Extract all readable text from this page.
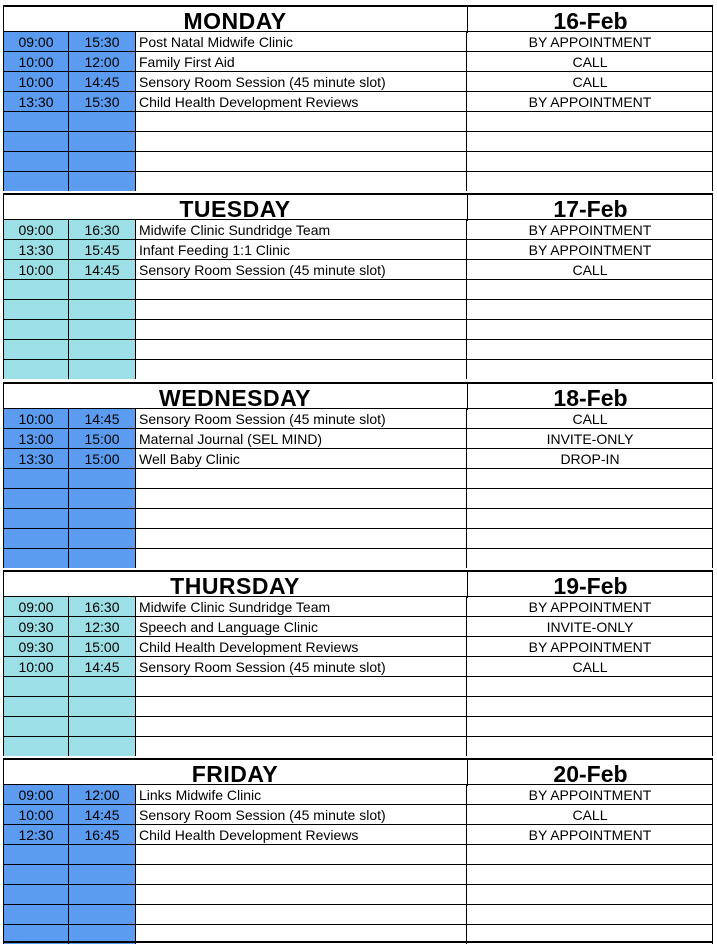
MONDAY	16-Feb
09:00	15:30	Post Natal Midwife Clinic	BY APPOINTMENT
10:00	12:00	Family First Aid	CALL
10:00	14:45	Sensory Room Session (45 minute slot)	CALL
13:30	15:30	Child Health Development Reviews	BY APPOINTMENT
TUESDAY	17-Feb
09:00	16:30	Midwife Clinic Sundridge Team	BY APPOINTMENT
13:30	15:45	Infant Feeding 1:1 Clinic	BY APPOINTMENT
10:00	14:45	Sensory Room Session (45 minute slot)	CALL
WEDNESDAY	18-Feb
10:00	14:45	Sensory Room Session (45 minute slot)	CALL
13:00	15:00	Maternal Journal (SEL MIND)	INVITE-ONLY
13:30	15:00	Well Baby Clinic	DROP-IN
THURSDAY	19-Feb
09:00	16:30	Midwife Clinic Sundridge Team	BY APPOINTMENT
09:30	12:30	Speech and Language Clinic	INVITE-ONLY
09:30	15:00	Child Health Development Reviews	BY APPOINTMENT
10:00	14:45	Sensory Room Session (45 minute slot)	CALL
FRIDAY	20-Feb
09:00	12:00	Links Midwife Clinic	BY APPOINTMENT
10:00	14:45	Sensory Room Session (45 minute slot)	CALL
12:30	16:45	Child Health Development Reviews	BY APPOINTMENT
